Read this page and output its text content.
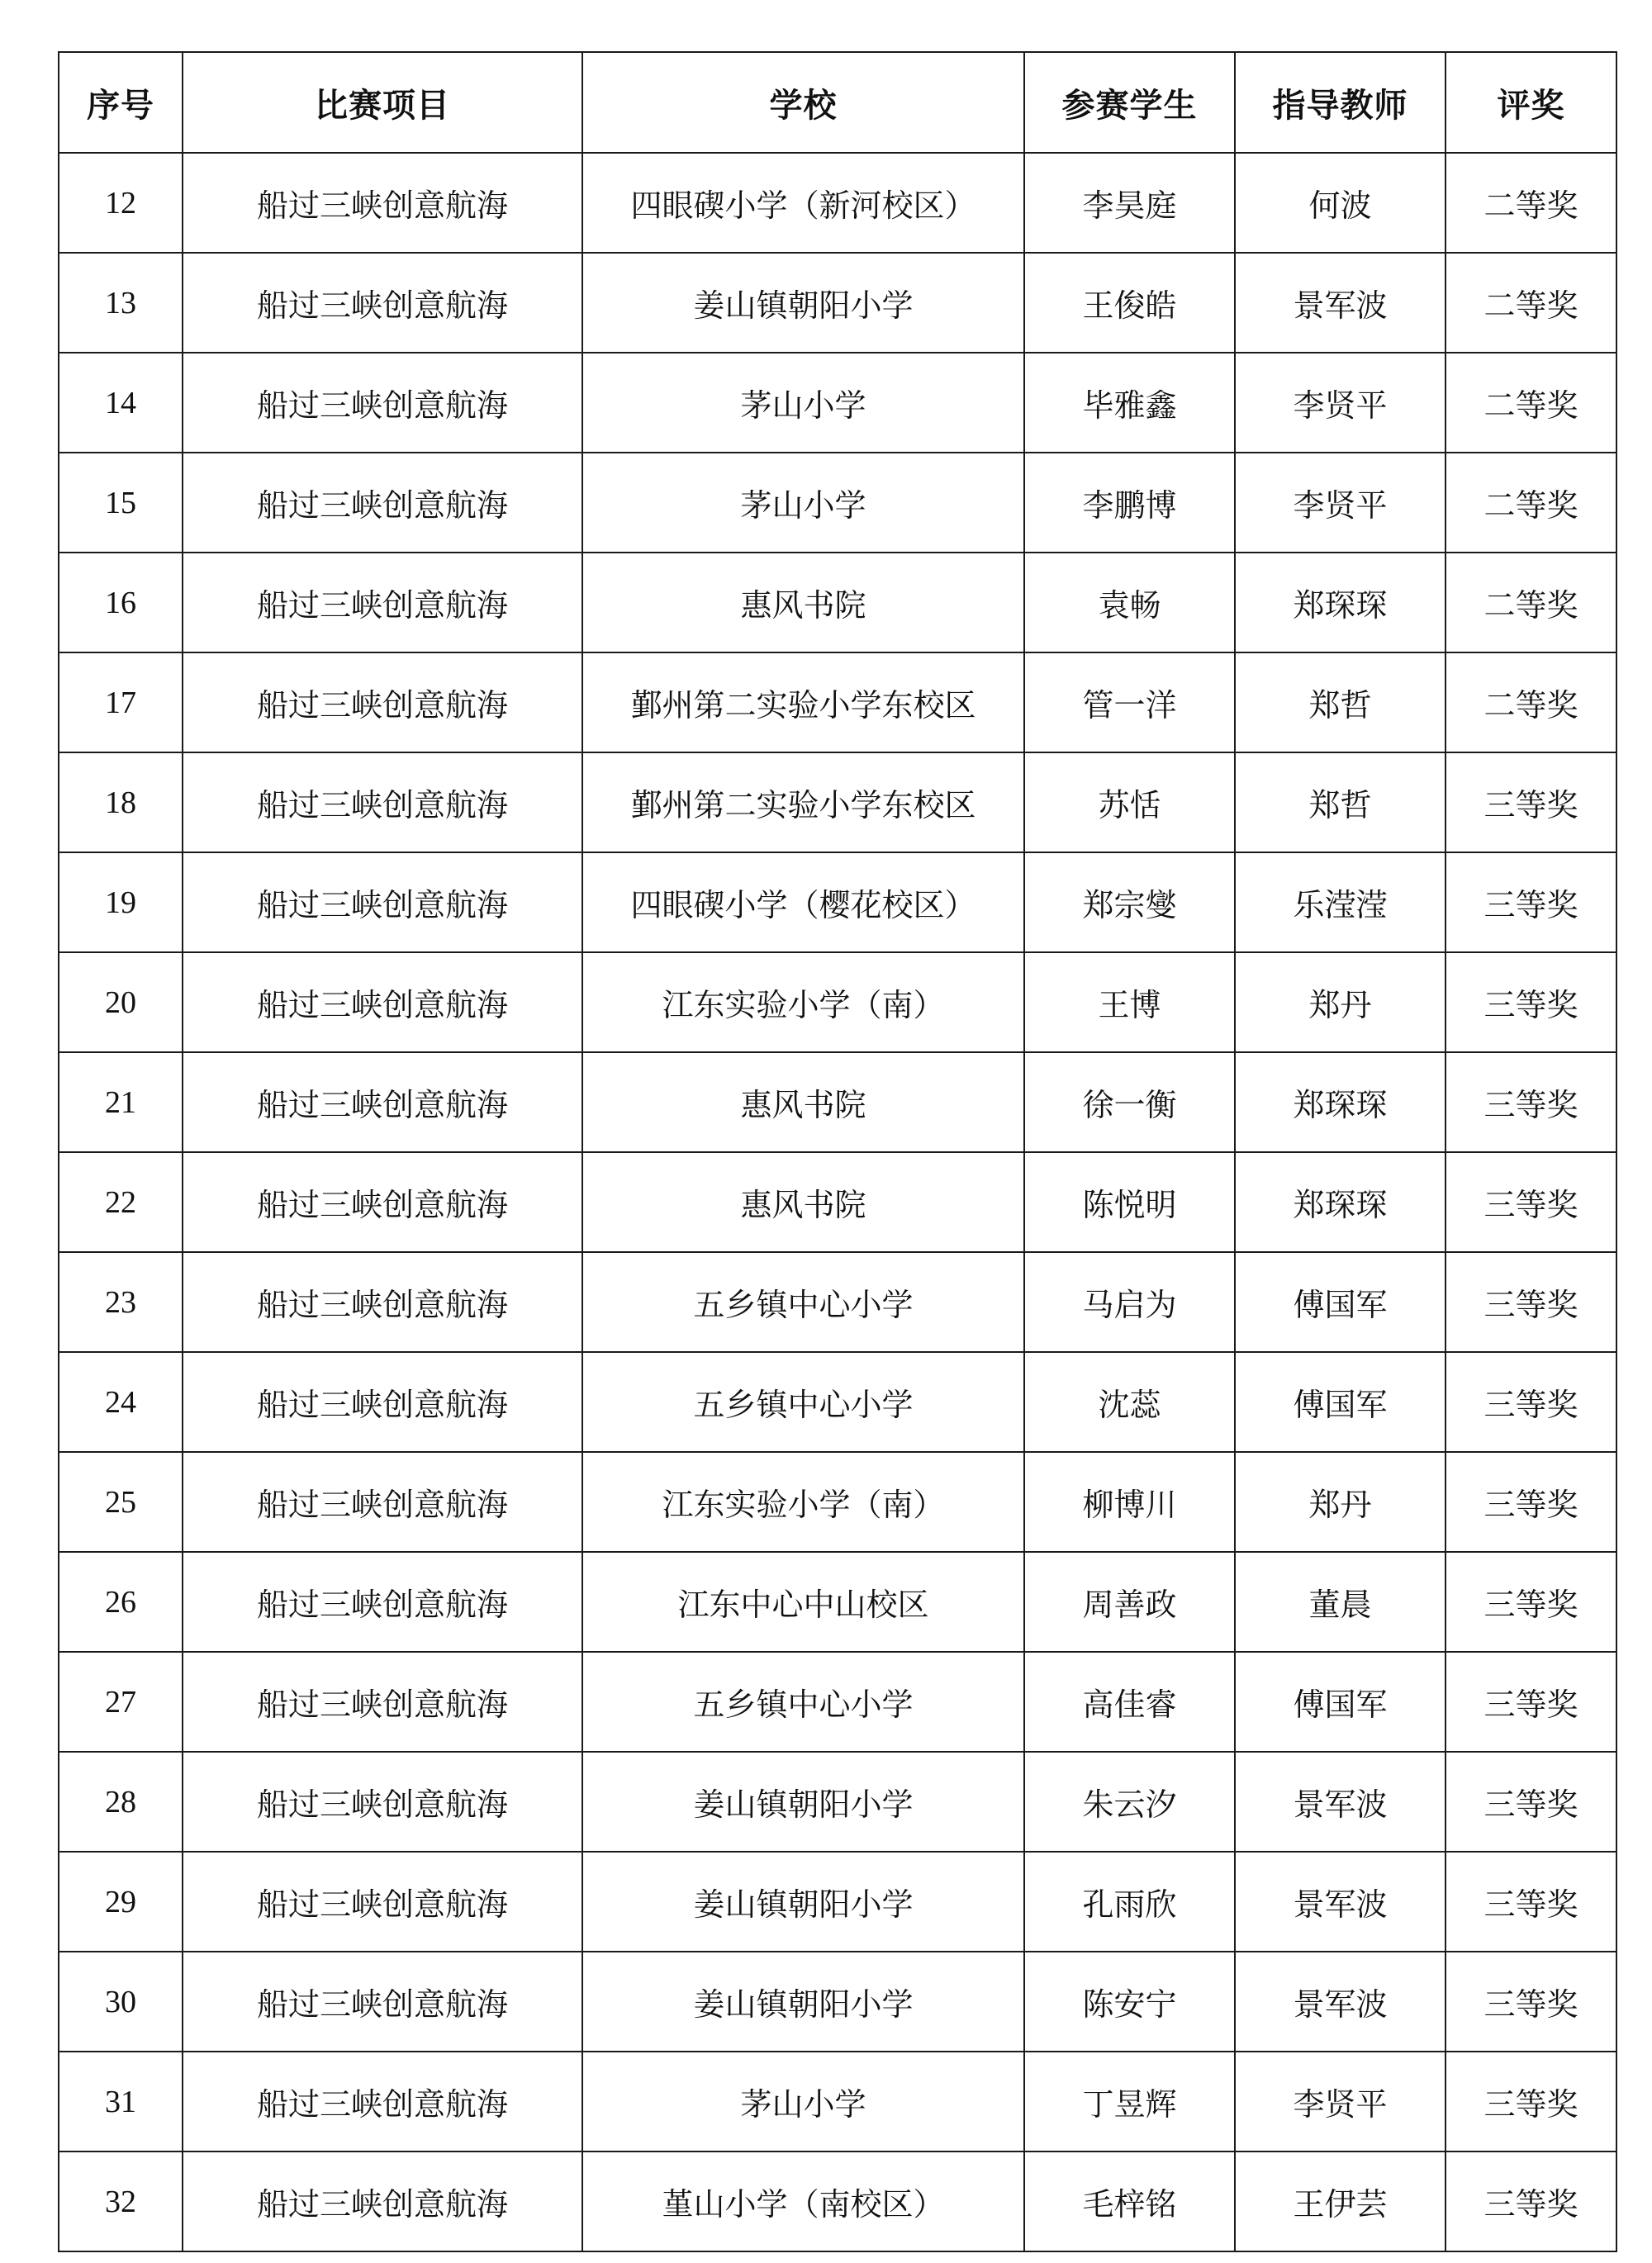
序号	比赛项目	学校	参赛学生	指导教师	评奖
12	船过三峡创意航海	四眼碶小学（新河校区）	李昊庭	何波	二等奖
13	船过三峡创意航海	姜山镇朝阳小学	王俊皓	景军波	二等奖
14	船过三峡创意航海	茅山小学	毕雅鑫	李贤平	二等奖
15	船过三峡创意航海	茅山小学	李鹏博	李贤平	二等奖
16	船过三峡创意航海	惠风书院	袁畅	郑琛琛	二等奖
17	船过三峡创意航海	鄞州第二实验小学东校区	管一洋	郑哲	二等奖
18	船过三峡创意航海	鄞州第二实验小学东校区	苏恬	郑哲	三等奖
19	船过三峡创意航海	四眼碶小学（樱花校区）	郑宗燮	乐滢滢	三等奖
20	船过三峡创意航海	江东实验小学（南）	王博	郑丹	三等奖
21	船过三峡创意航海	惠风书院	徐一衡	郑琛琛	三等奖
22	船过三峡创意航海	惠风书院	陈悦明	郑琛琛	三等奖
23	船过三峡创意航海	五乡镇中心小学	马启为	傅国军	三等奖
24	船过三峡创意航海	五乡镇中心小学	沈蕊	傅国军	三等奖
25	船过三峡创意航海	江东实验小学（南）	柳博川	郑丹	三等奖
26	船过三峡创意航海	江东中心中山校区	周善政	董晨	三等奖
27	船过三峡创意航海	五乡镇中心小学	高佳睿	傅国军	三等奖
28	船过三峡创意航海	姜山镇朝阳小学	朱云汐	景军波	三等奖
29	船过三峡创意航海	姜山镇朝阳小学	孔雨欣	景军波	三等奖
30	船过三峡创意航海	姜山镇朝阳小学	陈安宁	景军波	三等奖
31	船过三峡创意航海	茅山小学	丁昱辉	李贤平	三等奖
32	船过三峡创意航海	堇山小学（南校区）	毛梓铭	王伊芸	三等奖
